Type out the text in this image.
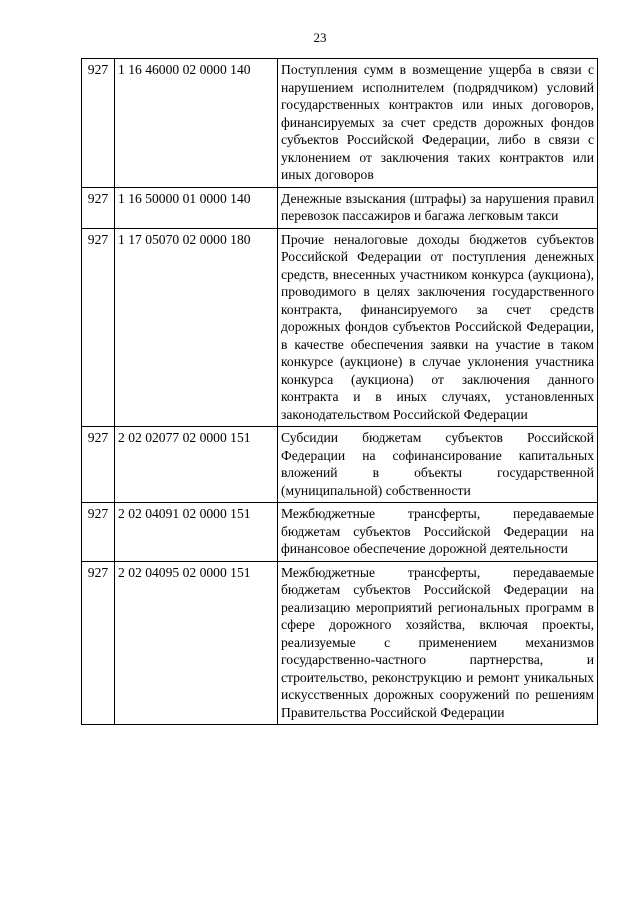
23
927	1 16 46000 02 0000 140	Поступления сумм в возмещение ущерба в связи с нарушением исполнителем (подрядчиком) условий государственных контрактов или иных договоров, финансируемых за счет средств дорожных фондов субъектов Российской Федерации, либо в связи с уклонением от заключения таких контрактов или иных договоров
927	1 16 50000 01 0000 140	Денежные взыскания (штрафы) за нарушения правил перевозок пассажиров и багажа легковым такси
927	1 17 05070 02 0000 180	Прочие неналоговые доходы бюджетов субъектов Российской Федерации от поступления денежных средств, внесенных участником конкурса (аукциона), проводимого в целях заключения государственного контракта, финансируемого за счет средств дорожных фондов субъектов Российской Федерации, в качестве обеспечения заявки на участие в таком конкурсе (аукционе) в случае уклонения участника конкурса (аукциона) от заключения данного контракта и в иных случаях, установленных законодательством Российской Федерации
927	2 02 02077 02 0000 151	Субсидии бюджетам субъектов Российской Федерации на софинансирование капитальных вложений в объекты государственной (муниципальной) собственности
927	2 02 04091 02 0000 151	Межбюджетные трансферты, передаваемые бюджетам субъектов Российской Федерации на финансовое обеспечение дорожной деятельности
927	2 02 04095 02 0000 151	Межбюджетные трансферты, передаваемые бюджетам субъектов Российской Федерации на реализацию мероприятий региональных программ в сфере дорожного хозяйства, включая проекты, реализуемые с применением механизмов государственно-частного партнерства, и строительство, реконструкцию и ремонт уникальных искусственных дорожных сооружений по решениям Правительства Российской Федерации
